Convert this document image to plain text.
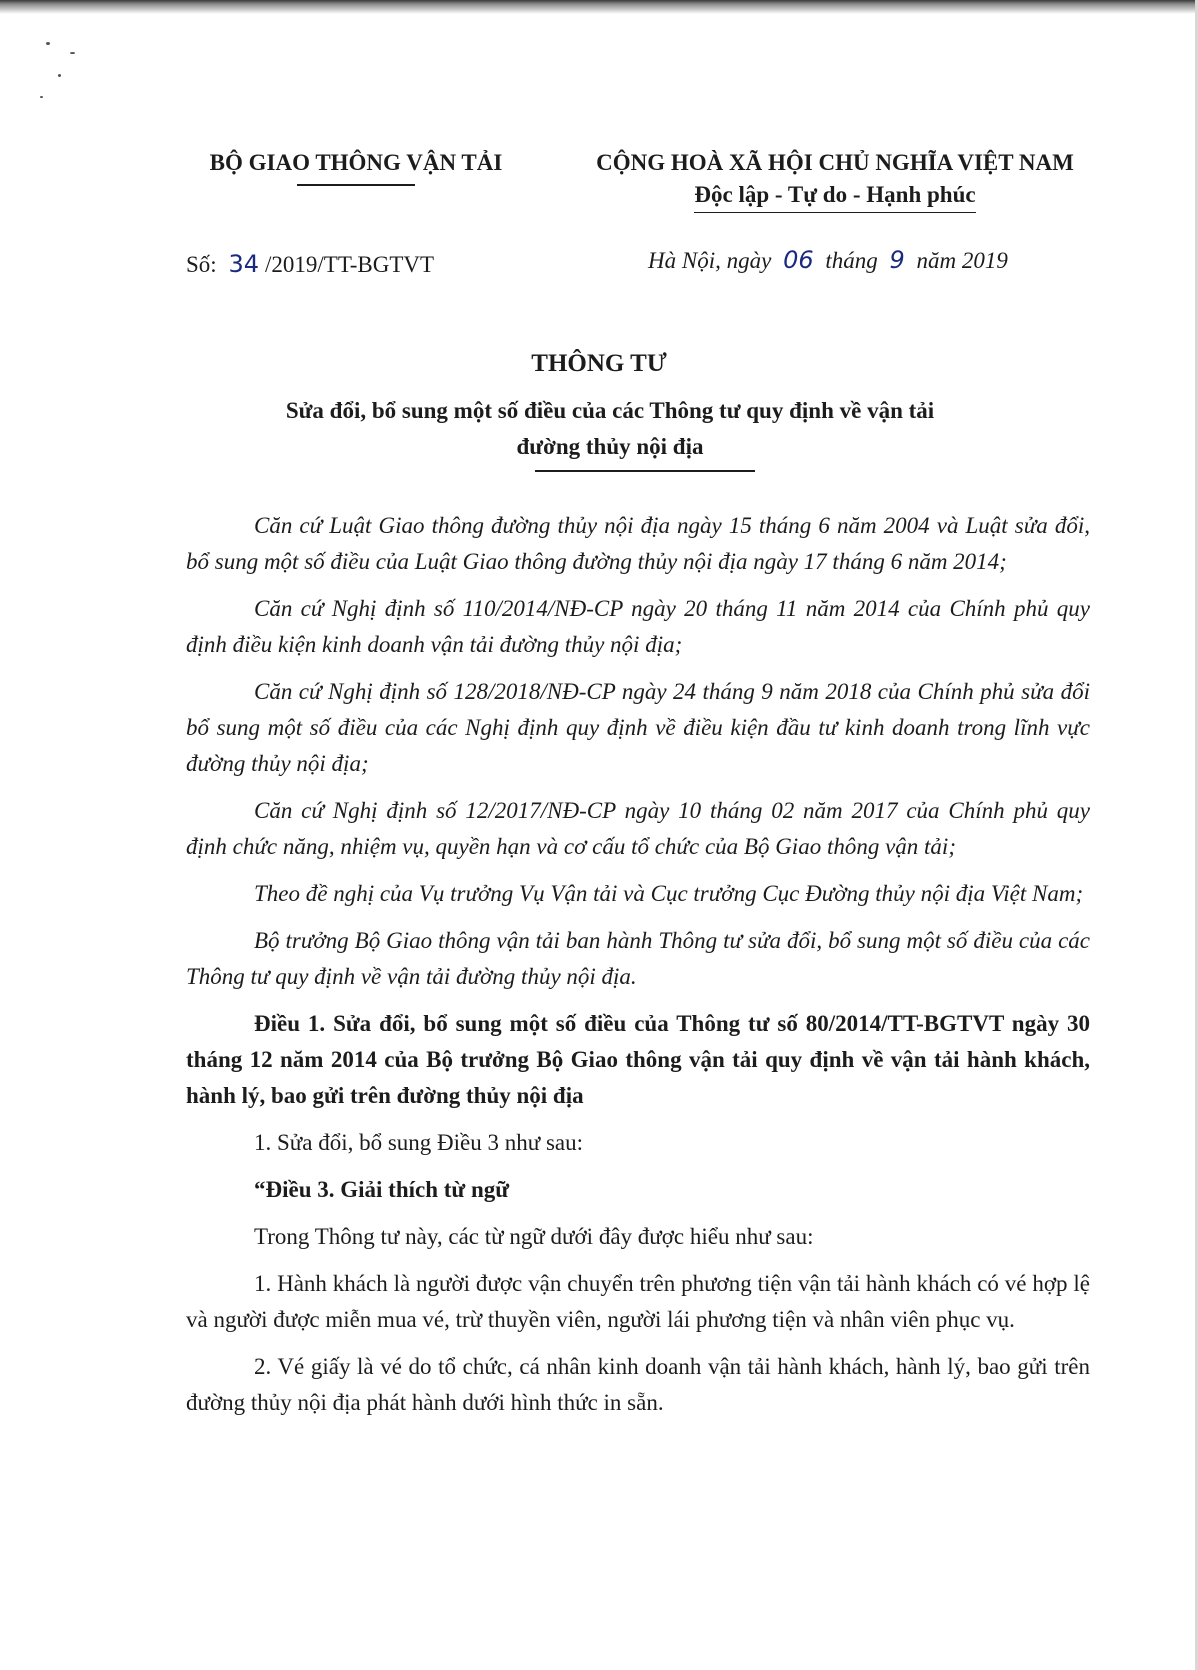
BỘ GIAO THÔNG VẬN TẢI	CỘNG HOÀ XÃ HỘI CHỦ NGHĨA VIỆT NAM
Độc lập - Tự do - Hạnh phúc
Số: 34 /2019/TT-BGTVT	Hà Nội, ngày 06 tháng 9 năm 2019
THÔNG TƯ
Sửa đổi, bổ sung một số điều của các Thông tư quy định về vận tải
đường thủy nội địa

Căn cứ Luật Giao thông đường thủy nội địa ngày 15 tháng 6 năm 2004 và Luật sửa đổi, bổ sung một số điều của Luật Giao thông đường thủy nội địa ngày 17 tháng 6 năm 2014;

Căn cứ Nghị định số 110/2014/NĐ-CP ngày 20 tháng 11 năm 2014 của Chính phủ quy định điều kiện kinh doanh vận tải đường thủy nội địa;

Căn cứ Nghị định số 128/2018/NĐ-CP ngày 24 tháng 9 năm 2018 của Chính phủ sửa đổi bổ sung một số điều của các Nghị định quy định về điều kiện đầu tư kinh doanh trong lĩnh vực đường thủy nội địa;

Căn cứ Nghị định số 12/2017/NĐ-CP ngày 10 tháng 02 năm 2017 của Chính phủ quy định chức năng, nhiệm vụ, quyền hạn và cơ cấu tổ chức của Bộ Giao thông vận tải;

Theo đề nghị của Vụ trưởng Vụ Vận tải và Cục trưởng Cục Đường thủy nội địa Việt Nam;

Bộ trưởng Bộ Giao thông vận tải ban hành Thông tư sửa đổi, bổ sung một số điều của các Thông tư quy định về vận tải đường thủy nội địa.

Điều 1. Sửa đổi, bổ sung một số điều của Thông tư số 80/2014/TT-BGTVT ngày 30 tháng 12 năm 2014 của Bộ trưởng Bộ Giao thông vận tải quy định về vận tải hành khách, hành lý, bao gửi trên đường thủy nội địa

1. Sửa đổi, bổ sung Điều 3 như sau:

“Điều 3. Giải thích từ ngữ

Trong Thông tư này, các từ ngữ dưới đây được hiểu như sau:

1. Hành khách là người được vận chuyển trên phương tiện vận tải hành khách có vé hợp lệ và người được miễn mua vé, trừ thuyền viên, người lái phương tiện và nhân viên phục vụ.

2. Vé giấy là vé do tổ chức, cá nhân kinh doanh vận tải hành khách, hành lý, bao gửi trên đường thủy nội địa phát hành dưới hình thức in sẵn.
